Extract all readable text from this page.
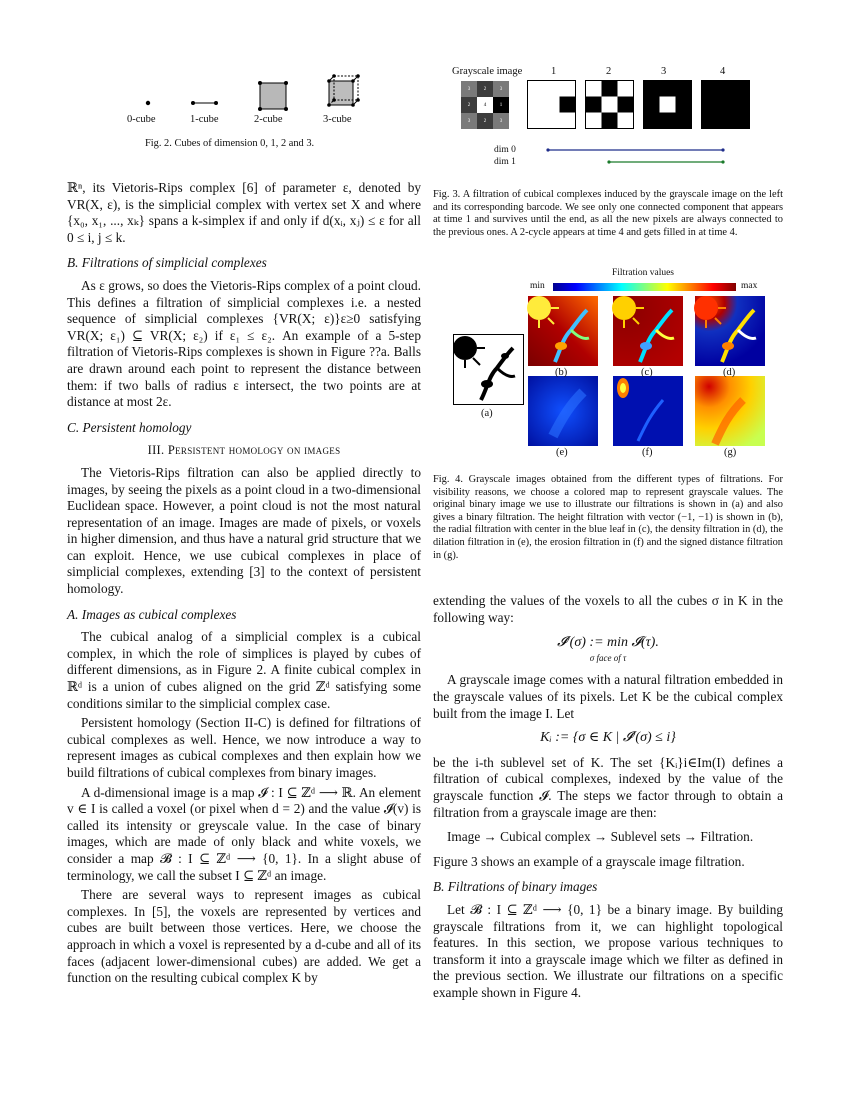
0-cube	1-cube	2-cube	3-cube
Fig. 2. Cubes of dimension 0, 1, 2 and 3.
Grayscale image	1	2	3	4
3	2	3
2	4	1
3	2	3
dim 0
dim 1
Fig. 3. A filtration of cubical complexes induced by the grayscale image on the left and its corresponding barcode. We see only one connected component that appears at time 1 and survives until the end, as all the new pixels are always connected to the previous ones. A 2-cycle appears at time 4 and gets filled in at time 4.
Filtration values
min	max
(a)
(b)	(c)	(d)
(e)	(f)	(g)
Fig. 4. Grayscale images obtained from the different types of filtrations. For visibility reasons, we choose a colored map to represent grayscale values. The original binary image we use to illustrate our filtrations is shown in (a) and also gives a binary filtration. The height filtration with vector (−1, −1) is shown in (b), the radial filtration with center in the blue leaf in (c), the density filtration in (d), the dilation filtration in (e), the erosion filtration in (f) and the signed distance filtration in (g).

ℝⁿ, its Vietoris-Rips complex [6] of parameter ε, denoted by VR(X, ε), is the simplicial complex with vertex set X and where {x₀, x₁, ..., xₖ} spans a k-simplex if and only if d(xᵢ, xⱼ) ≤ ε for all 0 ≤ i, j ≤ k.

B. Filtrations of simplicial complexes

As ε grows, so does the Vietoris-Rips complex of a point cloud. This defines a filtration of simplicial complexes i.e. a nested sequence of simplicial complexes {VR(X; ε)}ε≥0 satisfying VR(X; ε₁) ⊆ VR(X; ε₂) if ε₁ ≤ ε₂. An example of a 5-step filtration of Vietoris-Rips complexes is shown in Figure ??a. Balls are drawn around each point to represent the distance between them: if two balls of radius ε intersect, the two points are at distance at most 2ε.

C. Persistent homology

III. Persistent homology on images

The Vietoris-Rips filtration can also be applied directly to images, by seeing the pixels as a point cloud in a two-dimensional Euclidean space. However, a point cloud is not the most natural representation of an image. Images are made of pixels, or voxels in higher dimension, and thus have a natural grid structure that we can exploit. Hence, we use cubical complexes in place of simplicial complexes, extending [3] to the context of persistent homology.

A. Images as cubical complexes

The cubical analog of a simplicial complex is a cubical complex, in which the role of simplices is played by cubes of different dimensions, as in Figure 2. A finite cubical complex in ℝᵈ is a union of cubes aligned on the grid ℤᵈ satisfying some conditions similar to the simplicial complex case.

Persistent homology (Section II-C) is defined for filtrations of cubical complexes as well. Hence, we now introduce a way to represent images as cubical complexes and then explain how we build filtrations of cubical complexes from binary images.

A d-dimensional image is a map 𝓘 : I ⊆ ℤᵈ ⟶ ℝ. An element v ∈ I is called a voxel (or pixel when d = 2) and the value 𝓘(v) is called its intensity or greyscale value. In the case of binary images, which are made of only black and white voxels, we consider a map 𝓑 : I ⊆ ℤᵈ ⟶ {0, 1}. In a slight abuse of terminology, we call the subset I ⊆ ℤᵈ an image.

There are several ways to represent images as cubical complexes. In [5], the voxels are represented by vertices and cubes are built between those vertices. Here, we choose the approach in which a voxel is represented by a d-cube and all of its faces (adjacent lower-dimensional cubes) are added. We get a function on the resulting cubical complex K by

extending the values of the voxels to all the cubes σ in K in the following way:

𝓘′(σ) := min 𝓘(τ).
σ face of τ

A grayscale image comes with a natural filtration embedded in the grayscale values of its pixels. Let K be the cubical complex built from the image I. Let

Kᵢ := {σ ∈ K | 𝓘′(σ) ≤ i}

be the i-th sublevel set of K. The set {Kᵢ}i∈Im(I) defines a filtration of cubical complexes, indexed by the value of the grayscale function 𝓘. The steps we factor through to obtain a filtration from a grayscale image are then:

Image → Cubical complex → Sublevel sets → Filtration.

Figure 3 shows an example of a grayscale image filtration.

B. Filtrations of binary images

Let 𝓑 : I ⊆ ℤᵈ ⟶ {0, 1} be a binary image. By building grayscale filtrations from it, we can highlight topological features. In this section, we propose various techniques to transform it into a grayscale image which we filter as defined in the previous section. We illustrate our filtrations on a specific example shown in Figure 4.
